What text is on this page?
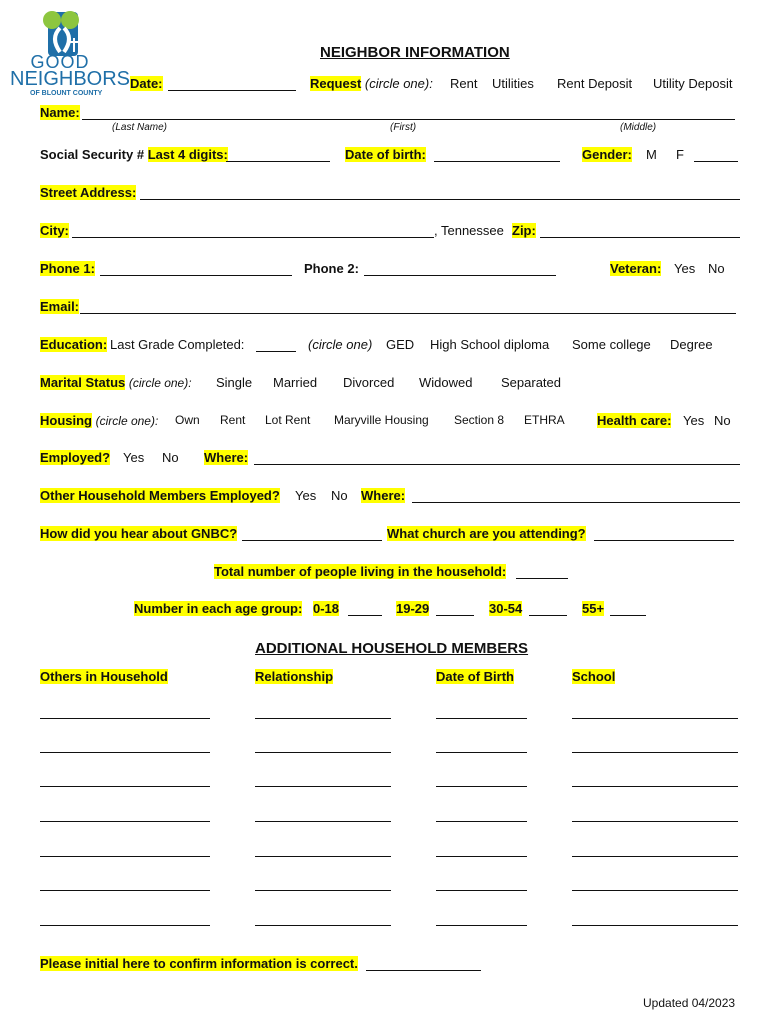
GOOD
NEIGHBORS
OF BLOUNT COUNTY
NEIGHBOR INFORMATION
Date:	Request (circle one): Rent Utilities Rent Deposit Utility Deposit
Name:
(Last Name)	(First)	(Middle)
Social Security # Last 4 digits:	Date of birth:	Gender: M F
Street Address:
City:	, Tennessee Zip:
Phone 1:	Phone 2:	Veteran: Yes No
Email:
Education: Last Grade Completed:	(circle one) GED High School diploma Some college Degree
Marital Status (circle one): Single Married Divorced Widowed Separated
Housing (circle one): Own Rent Lot Rent Maryville Housing Section 8 ETHRA Health care: Yes No
Employed? Yes No Where:
Other Household Members Employed? Yes No Where:
How did you hear about GNBC?	What church are you attending?
Total number of people living in the household:
Number in each age group: 0-18	19-29	30-54	55+
ADDITIONAL HOUSEHOLD MEMBERS
Others in Household	Relationship	Date of Birth	School
Please initial here to confirm information is correct.
Updated 04/2023
